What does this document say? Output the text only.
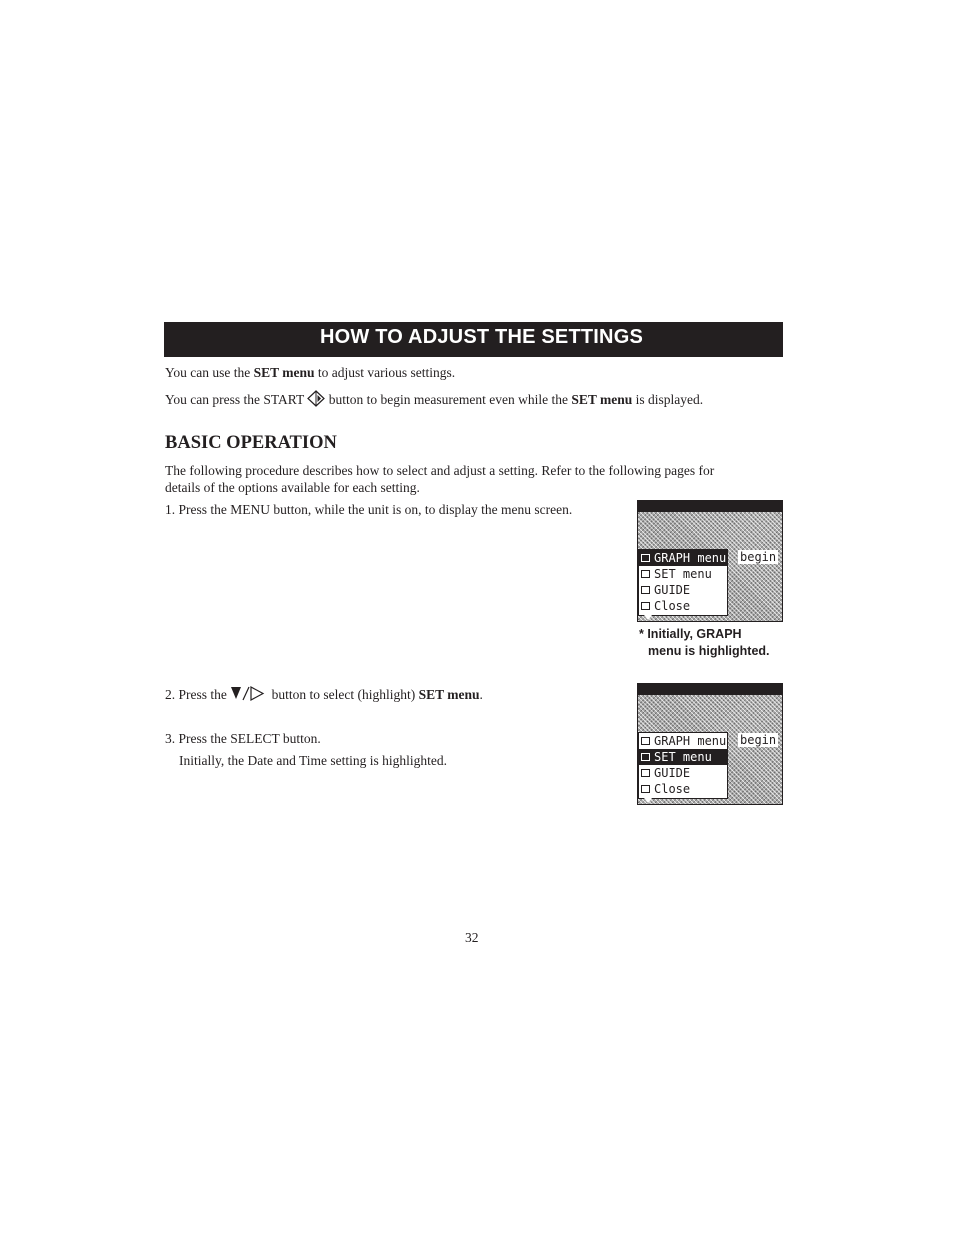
HOW TO ADJUST THE SETTINGS
You can use the SET menu to adjust various settings.
You can press the START  button to begin measurement even while the SET menu is displayed.
BASIC OPERATION
The following procedure describes how to select and adjust a setting. Refer to the following pages for
details of the options available for each setting.
1. Press the MENU button, while the unit is on, to display the menu screen.
GRAPH menu
SET menu
GUIDE
Close
begin
* Initially, GRAPH
menu is highlighted.
2. Press the	button to select (highlight) SET menu.
GRAPH menu
SET menu
GUIDE
Close
begin
3. Press the SELECT button.
Initially, the Date and Time setting is highlighted.
32
